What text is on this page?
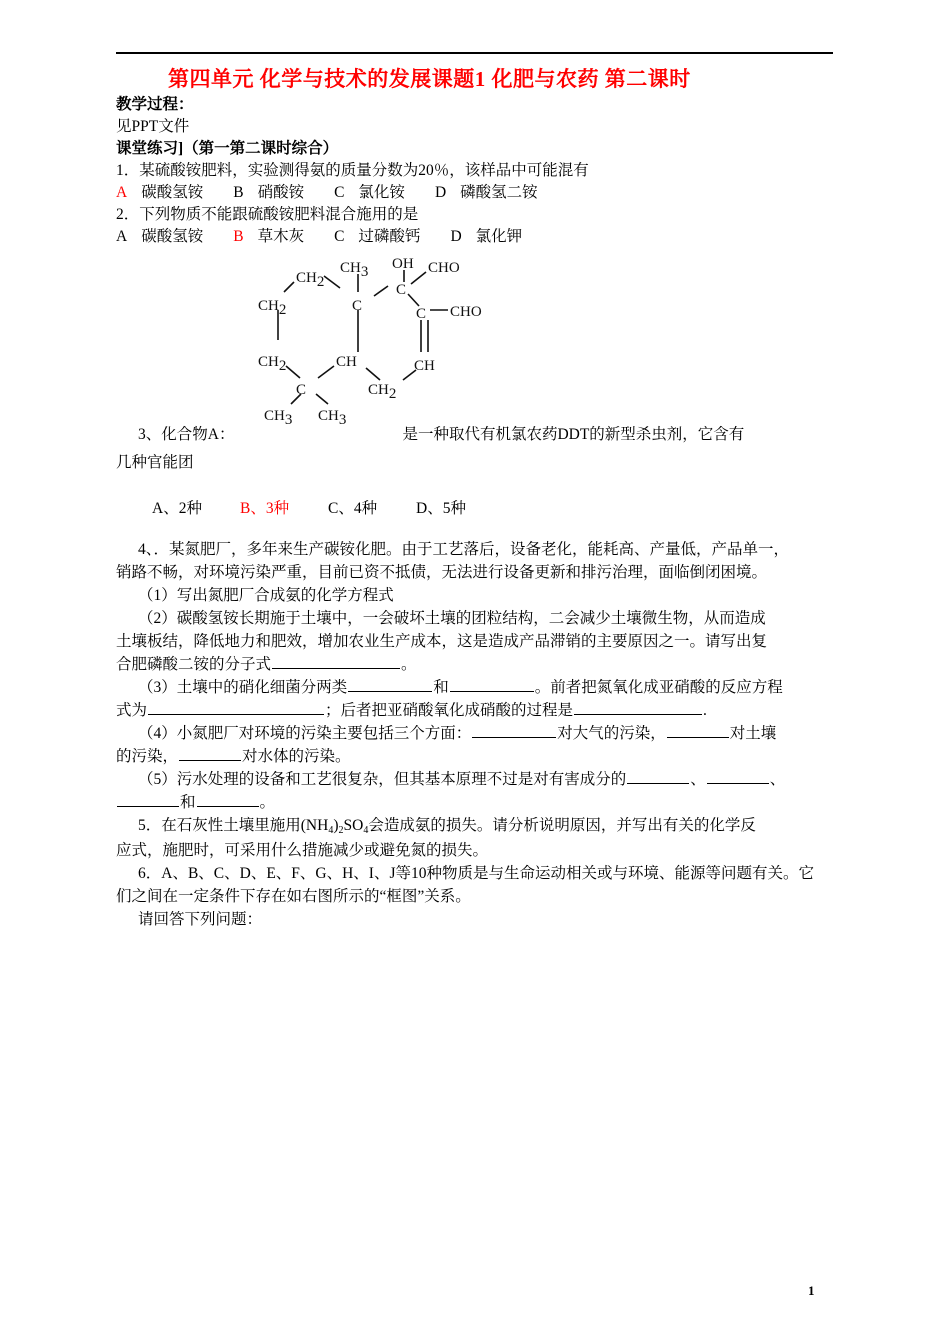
第四单元 化学与技术的发展课题1 化肥与农药 第二课时
教学过程：
见PPT文件
课堂练习]（第一第二课时综合）
1．某硫酸铵肥料，实验测得氨的质量分数为20％，该样品中可能混有
A 碳酸氢铵 B 硝酸铵 C 氯化铵 D 磷酸氢二铵
2．下列物质不能跟硫酸铵肥料混合施用的是
A 碳酸氢铵 B 草木灰 C 过磷酸钙 D 氯化钾
CH2
CH2
CH2
C
CH3 CH3
CH
C
CH3 OH
C
CHO
C CHO
CH
CH2
3、化合物A：	是一种取代有机氯农药DDT的新型杀虫剂，它含有
几种官能团
A、2种 B、3种	C、4种	D、5种
4、．某氮肥厂，多年来生产碳铵化肥。由于工艺落后，设备老化，能耗高、产量低，产品单一，
销路不畅，对环境污染严重，目前已资不抵债，无法进行设备更新和排污治理，面临倒闭困境。
（1）写出氮肥厂合成氨的化学方程式
（2）碳酸氢铵长期施于土壤中，一会破坏土壤的团粒结构，二会减少土壤微生物，从而造成
土壤板结，降低地力和肥效，增加农业生产成本，这是造成产品滞销的主要原因之一。请写出复
合肥磷酸二铵的分子式	。
（3）土壤中的硝化细菌分两类	和	。前者把氮氧化成亚硝酸的反应方程
式为	；后者把亚硝酸氧化成硝酸的过程是	.
（4）小氮肥厂对环境的污染主要包括三个方面：	对大气的污染，	对土壤
的污染，	对水体的污染。
（5）污水处理的设备和工艺很复杂，但其基本原理不过是对有害成分的	、	、
和	。
5．在石灰性土壤里施用$(NH_4)_2SO_4$会造成氨的损失。请分析说明原因，并写出有关的化学反
应式，施肥时，可采用什么措施减少或避免氮的损失。
6．A、B、C、D、E、F、G、H、I、J等10种物质是与生命运动相关或与环境、能源等问题有关。它
们之间在一定条件下存在如右图所示的“框图”关系。
请回答下列问题：
1
